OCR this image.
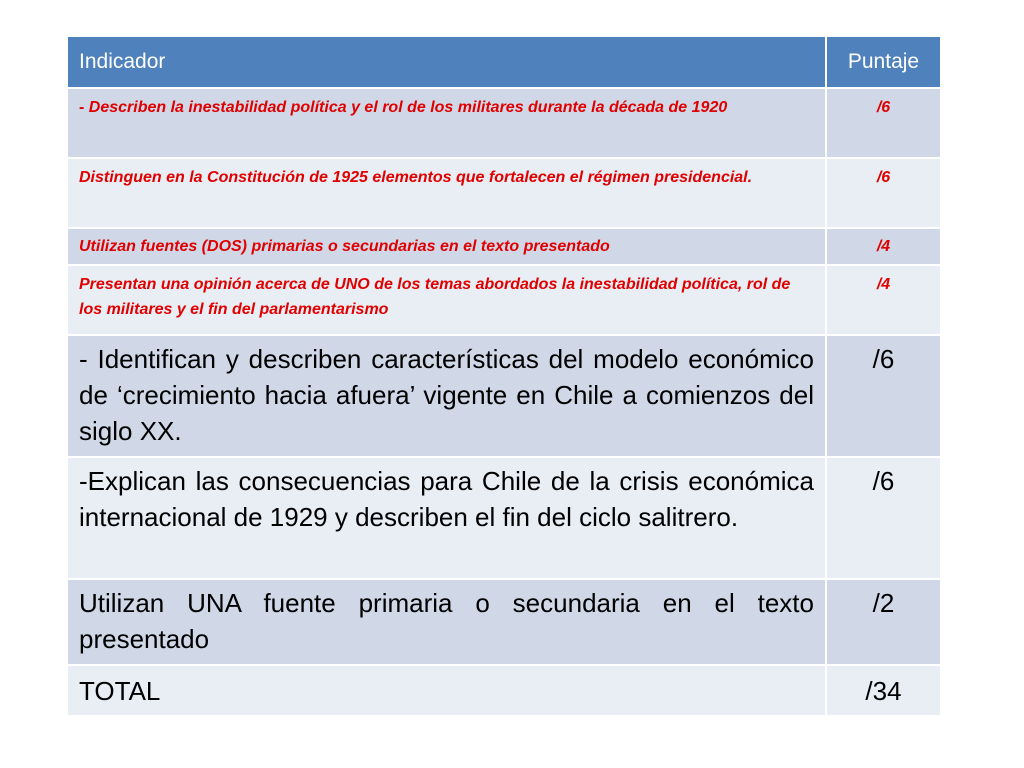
Indicador	Puntaje
- Describen la inestabilidad política y el rol de los militares durante la década de 1920	/6
Distinguen en la Constitución de 1925 elementos que fortalecen el régimen presidencial.	/6
Utilizan fuentes (DOS) primarias o secundarias en el texto presentado	/4
Presentan una opinión acerca de UNO de los temas abordados la inestabilidad política, rol de los militares y el fin del parlamentarismo	/4
- Identifican y describen características del modelo económico de ‘crecimiento hacia afuera’ vigente en Chile a comienzos del siglo XX.	/6
-Explican las consecuencias para Chile de la crisis económica internacional de 1929 y describen el fin del ciclo salitrero.	/6
Utilizan UNA fuente primaria o secundaria en el texto presentado	/2
TOTAL	/34
